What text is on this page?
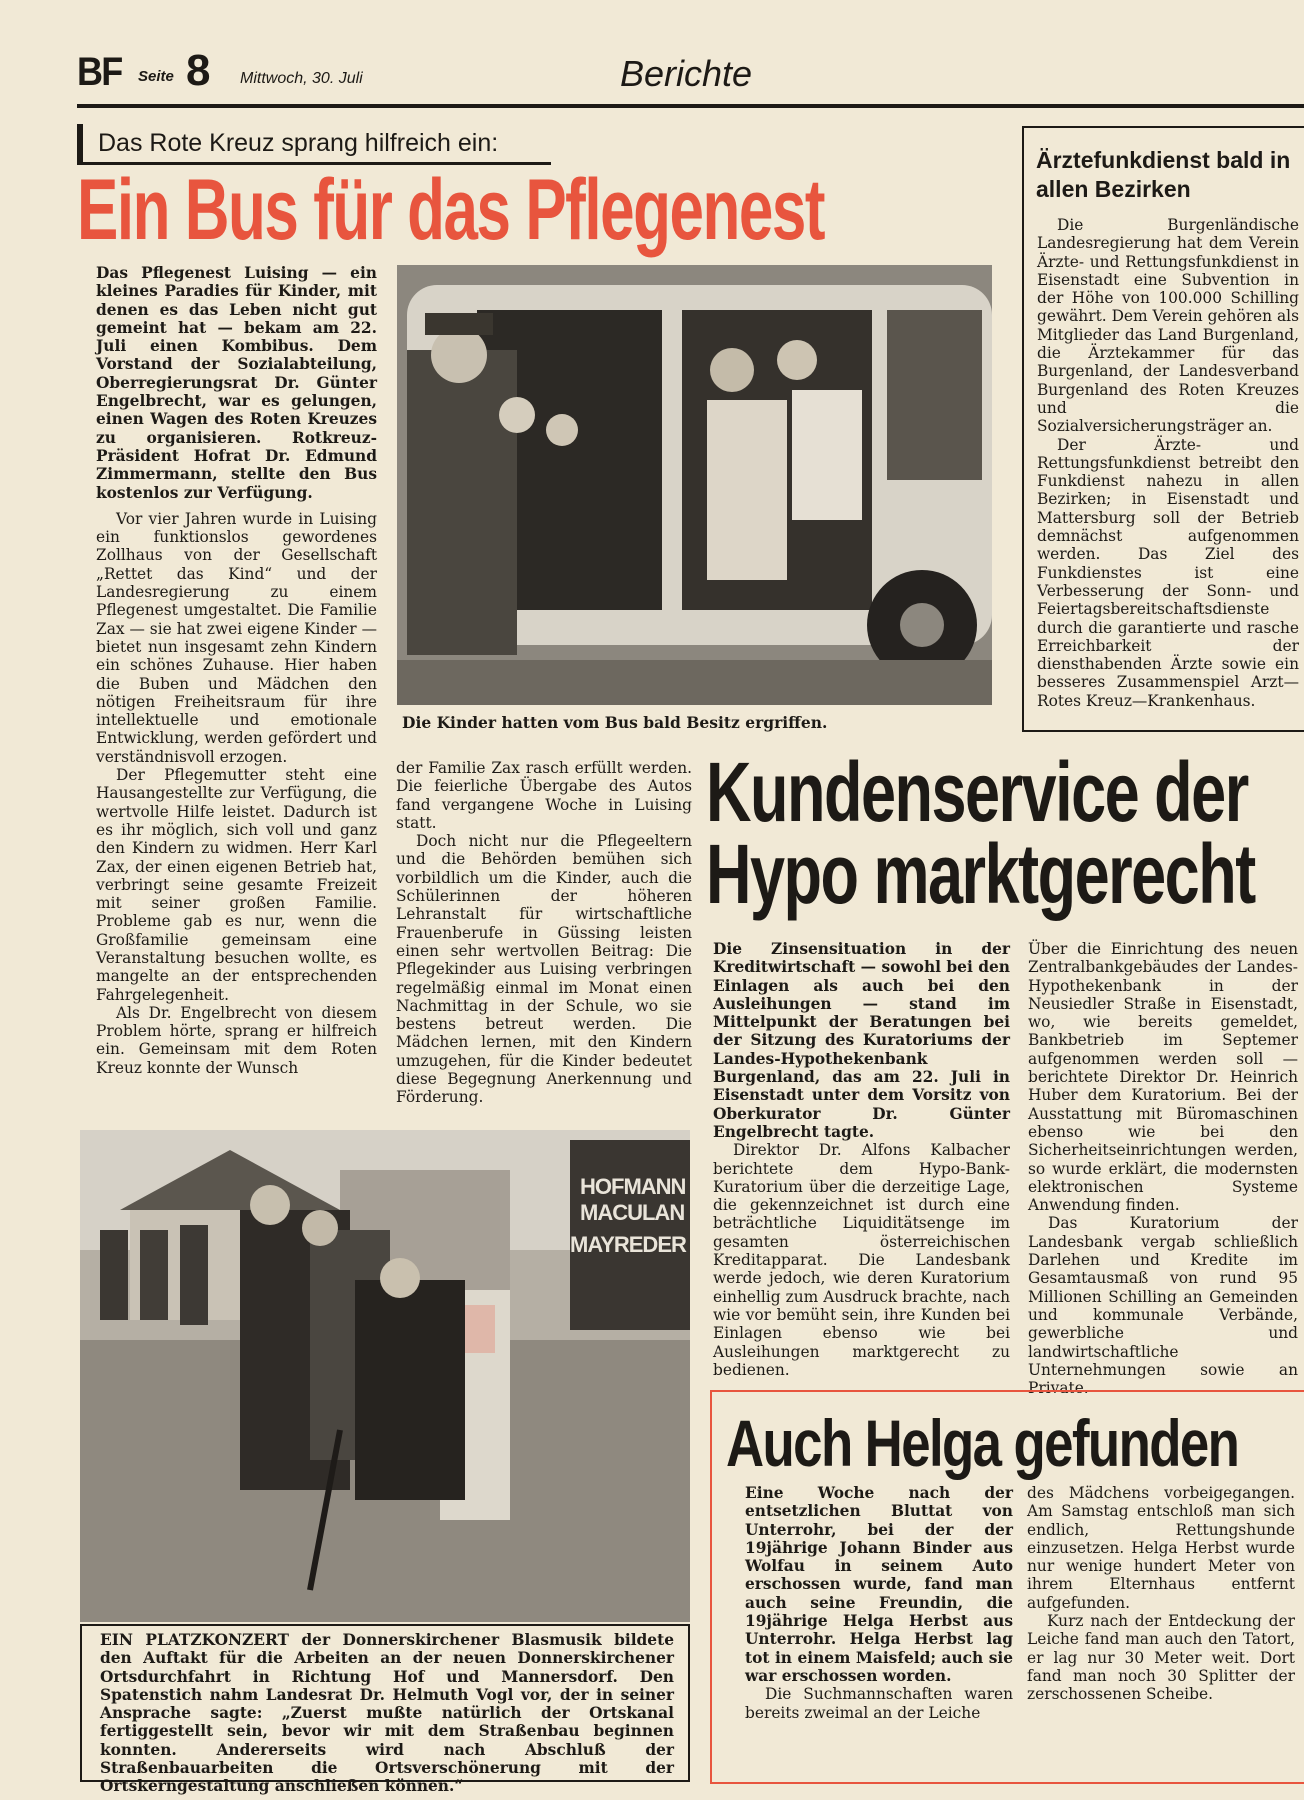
BF Seite 8 Mittwoch, 30. Juli	Berichte
Das Rote Kreuz sprang hilfreich ein:
Ein Bus für das Pflegenest

Das Pflegenest Luising — ein kleines Paradies für Kinder, mit denen es das Leben nicht gut gemeint hat — bekam am 22. Juli einen Kombibus. Dem Vorstand der Sozialabteilung, Oberregierungsrat Dr. Günter Engelbrecht, war es gelungen, einen Wagen des Roten Kreuzes zu organisieren. Rotkreuz-Präsident Hofrat Dr. Edmund Zimmermann, stellte den Bus kostenlos zur Verfügung.

Vor vier Jahren wurde in Luising ein funktionslos gewordenes Zollhaus von der Gesellschaft „Rettet das Kind“ und der Landesregierung zu einem Pflegenest umgestaltet. Die Familie Zax — sie hat zwei eigene Kinder — bietet nun insgesamt zehn Kindern ein schönes Zuhause. Hier haben die Buben und Mädchen den nötigen Freiheitsraum für ihre intellektuelle und emotionale Entwicklung, werden gefördert und verständnisvoll erzogen.

Der Pflegemutter steht eine Hausangestellte zur Verfügung, die wertvolle Hilfe leistet. Dadurch ist es ihr möglich, sich voll und ganz den Kindern zu widmen. Herr Karl Zax, der einen eigenen Betrieb hat, verbringt seine gesamte Freizeit mit seiner großen Familie. Probleme gab es nur, wenn die Großfamilie gemeinsam eine Veranstaltung besuchen wollte, es mangelte an der entsprechenden Fahrgelegenheit.

Als Dr. Engelbrecht von diesem Problem hörte, sprang er hilfreich ein. Gemeinsam mit dem Roten Kreuz konnte der Wunsch

Die Kinder hatten vom Bus bald Besitz ergriffen.

der Familie Zax rasch erfüllt werden. Die feierliche Übergabe des Autos fand vergangene Woche in Luising statt.

Doch nicht nur die Pflegeeltern und die Behörden bemühen sich vorbildlich um die Kinder, auch die Schülerinnen der höheren Lehranstalt für wirtschaftliche Frauenberufe in Güssing leisten einen sehr wertvollen Beitrag: Die Pflegekinder aus Luising verbringen regelmäßig einmal im Monat einen Nachmittag in der Schule, wo sie bestens betreut werden. Die Mädchen lernen, mit den Kindern umzugehen, für die Kinder bedeutet diese Begegnung Anerkennung und Förderung.

Ärztefunkdienst bald in allen Bezirken

Die Burgenländische Landesregierung hat dem Verein Ärzte- und Rettungsfunkdienst in Eisenstadt eine Subvention in der Höhe von 100.000 Schilling gewährt. Dem Verein gehören als Mitglieder das Land Burgenland, die Ärztekammer für das Burgenland, der Landesverband Burgenland des Roten Kreuzes und die Sozialversicherungsträger an.

Der Ärzte- und Rettungsfunkdienst betreibt den Funkdienst nahezu in allen Bezirken; in Eisenstadt und Mattersburg soll der Betrieb demnächst aufgenommen werden. Das Ziel des Funkdienstes ist eine Verbesserung der Sonn- und Feiertagsbereitschaftsdienste durch die garantierte und rasche Erreichbarkeit der diensthabenden Ärzte sowie ein besseres Zusammenspiel Arzt—Rotes Kreuz—Krankenhaus.

Kundenservice der
Hypo marktgerecht

Die Zinsensituation in der Kreditwirtschaft — sowohl bei den Einlagen als auch bei den Ausleihungen — stand im Mittelpunkt der Beratungen bei der Sitzung des Kuratoriums der Landes-Hypothekenbank Burgenland, das am 22. Juli in Eisenstadt unter dem Vorsitz von Oberkurator Dr. Günter Engelbrecht tagte.

Direktor Dr. Alfons Kalbacher berichtete dem Hypo-Bank-Kuratorium über die derzeitige Lage, die gekennzeichnet ist durch eine beträchtliche Liquiditätsenge im gesamten österreichischen Kreditapparat. Die Landesbank werde jedoch, wie deren Kuratorium einhellig zum Ausdruck brachte, nach wie vor bemüht sein, ihre Kunden bei Einlagen ebenso wie bei Ausleihungen marktgerecht zu bedienen.

Über die Einrichtung des neuen Zentralbankgebäudes der Landes-Hypothekenbank in der Neusiedler Straße in Eisenstadt, wo, wie bereits gemeldet, Bankbetrieb im Septemer aufgenommen werden soll — berichtete Direktor Dr. Heinrich Huber dem Kuratorium. Bei der Ausstattung mit Büromaschinen ebenso wie bei den Sicherheitseinrichtungen werden, so wurde erklärt, die modernsten elektronischen Systeme Anwendung finden.

Das Kuratorium der Landesbank vergab schließlich Darlehen und Kredite im Gesamtausmaß von rund 95 Millionen Schilling an Gemeinden und kommunale Verbände, gewerbliche und landwirtschaftliche Unternehmungen sowie an Private.

HOFMANN
MACULAN
MAYREDER
EIN PLATZKONZERT der Donnerskirchener Blasmusik bildete den Auftakt für die Arbeiten an der neuen Donnerskirchener Ortsdurchfahrt in Richtung Hof und Mannersdorf. Den Spatenstich nahm Landesrat Dr. Helmuth Vogl vor, der in seiner Ansprache sagte: „Zuerst mußte natürlich der Ortskanal fertiggestellt sein, bevor wir mit dem Straßenbau beginnen konnten. Andererseits wird nach Abschluß der Straßenbauarbeiten die Ortsverschönerung mit der Ortskerngestaltung anschließen können.“
Auch Helga gefunden

Eine Woche nach der entsetzlichen Bluttat von Unterrohr, bei der der 19jährige Johann Binder aus Wolfau in seinem Auto erschossen wurde, fand man auch seine Freundin, die 19jährige Helga Herbst aus Unterrohr. Helga Herbst lag tot in einem Maisfeld; auch sie war erschossen worden.

Die Suchmannschaften waren bereits zweimal an der Leiche

des Mädchens vorbeigegangen. Am Samstag entschloß man sich endlich, Rettungshunde einzusetzen. Helga Herbst wurde nur wenige hundert Meter von ihrem Elternhaus entfernt aufgefunden.

Kurz nach der Entdeckung der Leiche fand man auch den Tatort, er lag nur 30 Meter weit. Dort fand man noch 30 Splitter der zerschossenen Scheibe.
